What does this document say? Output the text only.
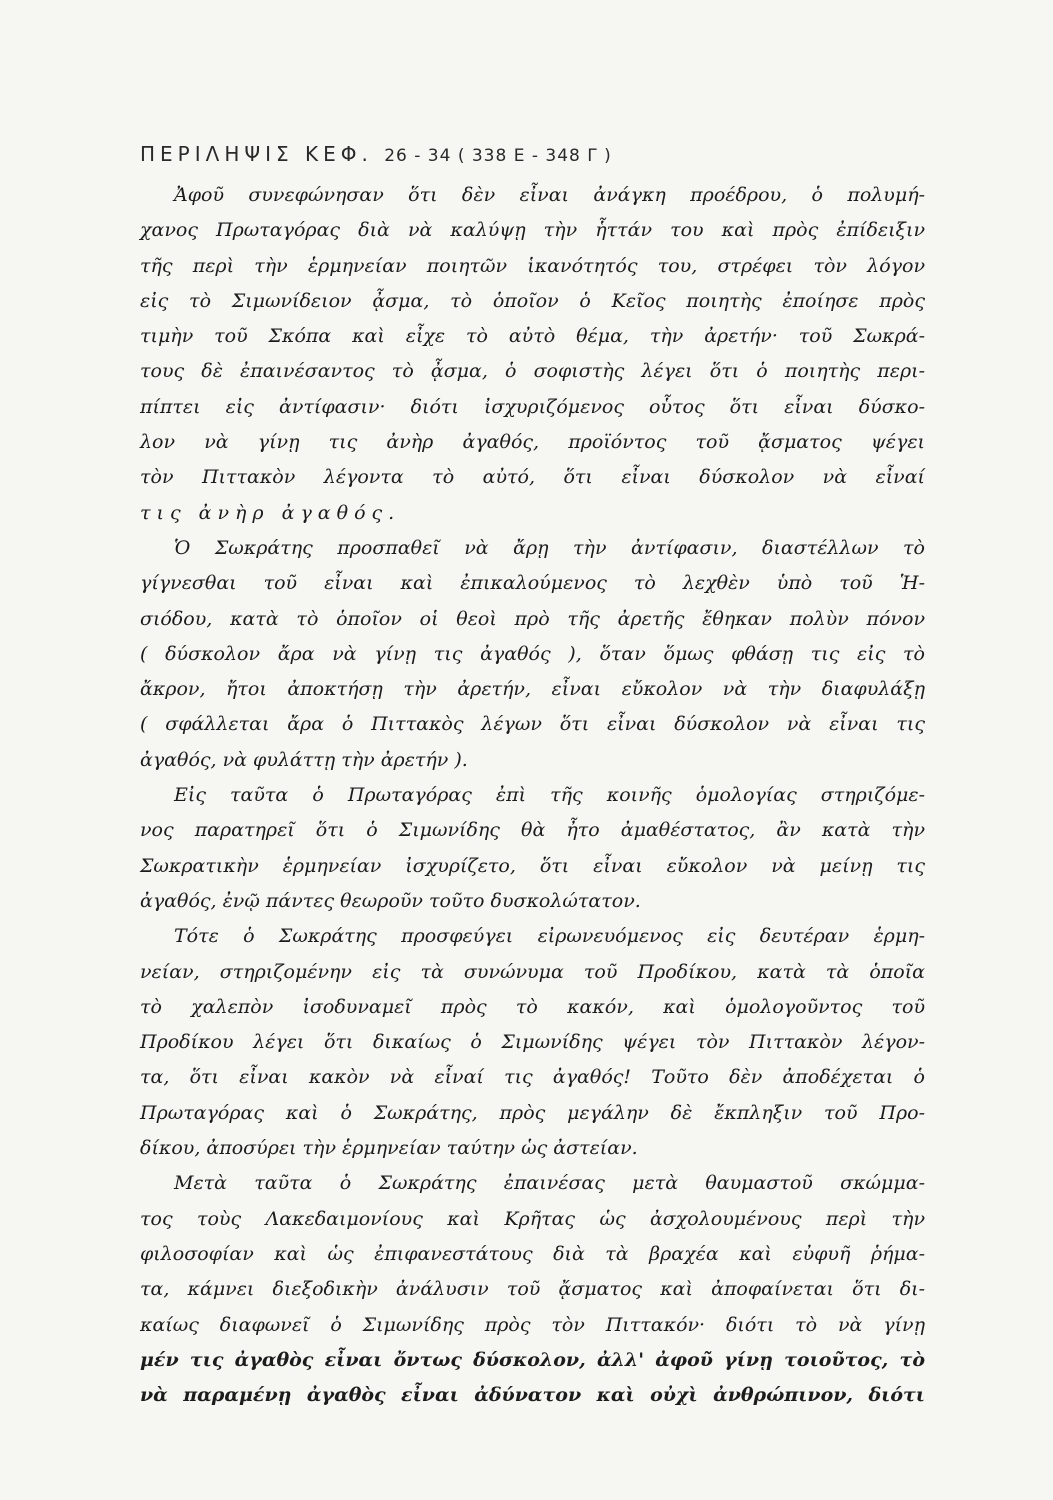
ΠΕΡΙΛΗΨΙΣ ΚΕΦ. 26 - 34 ( 338 Ε - 348 Γ )
Ἀφοῦ συνεφώνησαν ὅτι δὲν εἶναι ἀνάγκη προέδρου, ὁ πολυμή-
χανος Πρωταγόρας διὰ νὰ καλύψῃ τὴν ἧττάν του καὶ πρὸς ἐπίδειξιν
τῆς περὶ τὴν ἑρμηνείαν ποιητῶν ἱκανότητός του, στρέφει τὸν λόγον
εἰς τὸ Σιμωνίδειον ᾆσμα, τὸ ὁποῖον ὁ Κεῖος ποιητὴς ἐποίησε πρὸς
τιμὴν τοῦ Σκόπα καὶ εἶχε τὸ αὐτὸ θέμα, τὴν ἀρετήν· τοῦ Σωκρά-
τους δὲ ἐπαινέσαντος τὸ ᾆσμα, ὁ σοφιστὴς λέγει ὅτι ὁ ποιητὴς περι-
πίπτει εἰς ἀντίφασιν· διότι ἰσχυριζόμενος οὗτος ὅτι εἶναι δύσκο-
λον νὰ γίνῃ τις ἀνὴρ ἀγαθός, προϊόντος τοῦ ᾄσματος ψέγει
τὸν Πιττακὸν λέγοντα τὸ αὐτό, ὅτι εἶναι δύσκολον νὰ εἶναί
τις ἀνὴρ ἀγαθός.
Ὁ Σωκράτης προσπαθεῖ νὰ ἄρῃ τὴν ἀντίφασιν, διαστέλλων τὸ
γίγνεσθαι τοῦ εἶναι καὶ ἐπικαλούμενος τὸ λεχθὲν ὑπὸ τοῦ Ἡ-
σιόδου, κατὰ τὸ ὁποῖον οἱ θεοὶ πρὸ τῆς ἀρετῆς ἔθηκαν πολὺν πόνον
( δύσκολον ἄρα νὰ γίνῃ τις ἀγαθός ), ὅταν ὅμως φθάσῃ τις εἰς τὸ
ἄκρον, ἤτοι ἀποκτήσῃ τὴν ἀρετήν, εἶναι εὔκολον νὰ τὴν διαφυλάξῃ
( σφάλλεται ἄρα ὁ Πιττακὸς λέγων ὅτι εἶναι δύσκολον νὰ εἶναι τις
ἀγαθός, νὰ φυλάττῃ τὴν ἀρετήν ).
Εἰς ταῦτα ὁ Πρωταγόρας ἐπὶ τῆς κοινῆς ὁμολογίας στηριζόμε-
νος παρατηρεῖ ὅτι ὁ Σιμωνίδης θὰ ἦτο ἀμαθέστατος, ἂν κατὰ τὴν
Σωκρατικὴν ἑρμηνείαν ἰσχυρίζετο, ὅτι εἶναι εὔκολον νὰ μείνῃ τις
ἀγαθός, ἐνῷ πάντες θεωροῦν τοῦτο δυσκολώτατον.
Τότε ὁ Σωκράτης προσφεύγει εἰρωνευόμενος εἰς δευτέραν ἑρμη-
νείαν, στηριζομένην εἰς τὰ συνώνυμα τοῦ Προδίκου, κατὰ τὰ ὁποῖα
τὸ χαλεπὸν ἰσοδυναμεῖ πρὸς τὸ κακόν, καὶ ὁμολογοῦντος τοῦ
Προδίκου λέγει ὅτι δικαίως ὁ Σιμωνίδης ψέγει τὸν Πιττακὸν λέγον-
τα, ὅτι εἶναι κακὸν νὰ εἶναί τις ἀγαθός! Τοῦτο δὲν ἀποδέχεται ὁ
Πρωταγόρας καὶ ὁ Σωκράτης, πρὸς μεγάλην δὲ ἔκπληξιν τοῦ Προ-
δίκου, ἀποσύρει τὴν ἑρμηνείαν ταύτην ὡς ἀστείαν.
Μετὰ ταῦτα ὁ Σωκράτης ἐπαινέσας μετὰ θαυμαστοῦ σκώμμα-
τος τοὺς Λακεδαιμονίους καὶ Κρῆτας ὡς ἀσχολουμένους περὶ τὴν
φιλοσοφίαν καὶ ὡς ἐπιφανεστάτους διὰ τὰ βραχέα καὶ εὐφυῆ ῥήμα-
τα, κάμνει διεξοδικὴν ἀνάλυσιν τοῦ ᾄσματος καὶ ἀποφαίνεται ὅτι δι-
καίως διαφωνεῖ ὁ Σιμωνίδης πρὸς τὸν Πιττακόν· διότι τὸ νὰ γίνῃ
μέν τις ἀγαθὸς εἶναι ὄντως δύσκολον, ἀλλ' ἀφοῦ γίνῃ τοιοῦτος, τὸ
νὰ παραμένῃ ἀγαθὸς εἶναι ἀδύνατον καὶ οὐχὶ ἀνθρώπινον, διότι
